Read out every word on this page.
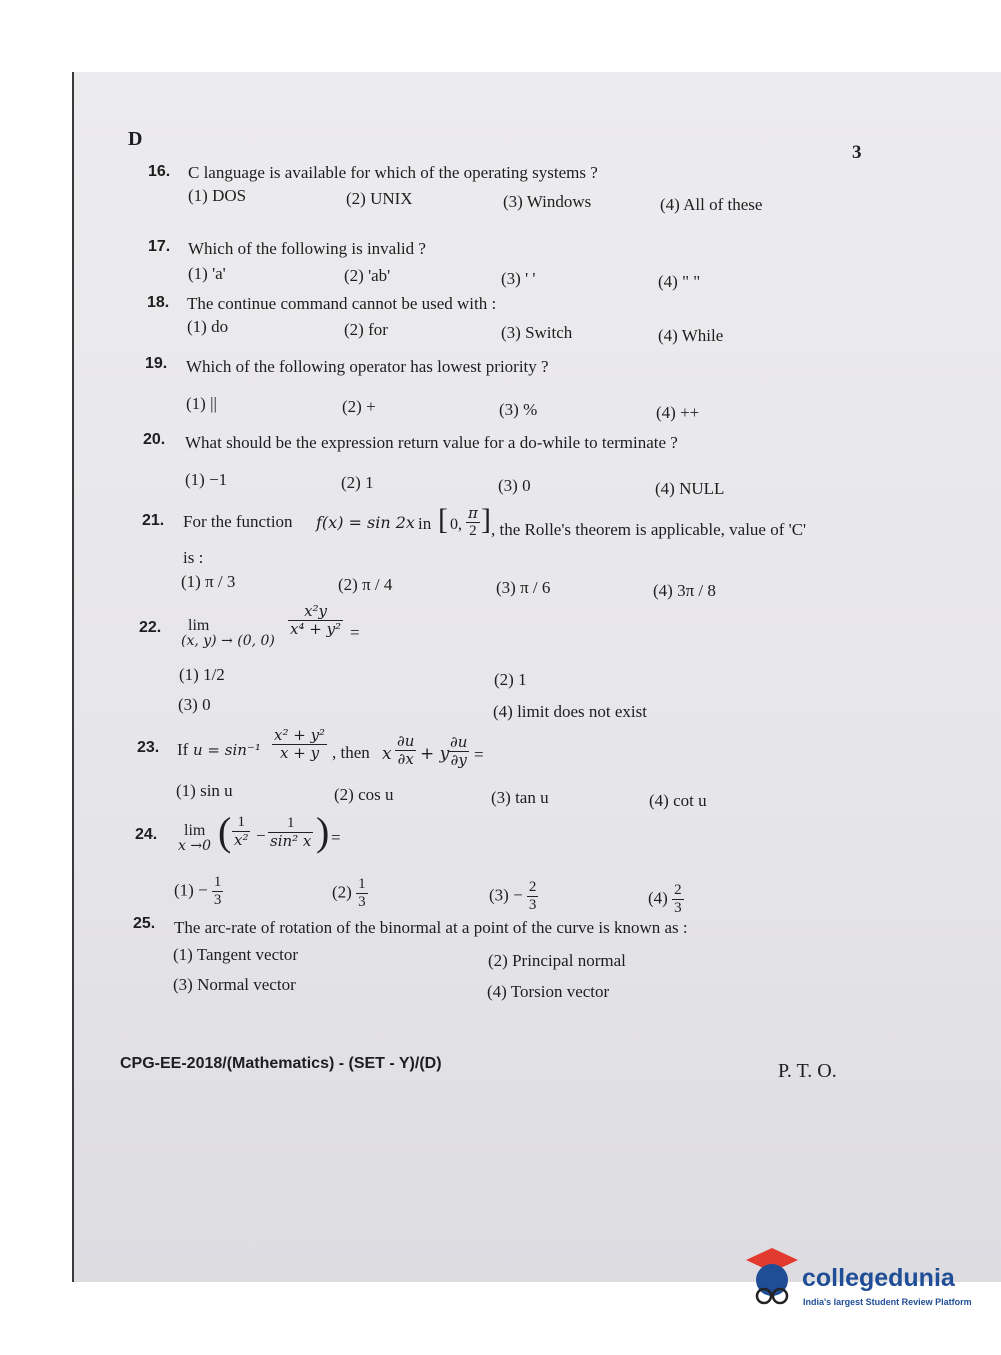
D
3
16. C language is available for which of the operating systems ?
(1) DOS	(2) UNIX	(3) Windows	(4) All of these
17. Which of the following is invalid ?
(1) 'a'	(2) 'ab'	(3) ' '	(4) " "
18. The continue command cannot be used with :
(1) do	(2) for	(3) Switch	(4) While
19. Which of the following operator has lowest priority ?
(1) ||	(2) +	(3) %	(4) ++
20. What should be the expression return value for a do-while to terminate ?
(1) −1	(2) 1	(3) 0	(4) NULL
21. For the function f(x) = sin 2x in [ 0, $\frac{\pi}{2}$ ] , the Rolle's theorem is applicable, value of 'C'
is :
(1) π / 3	(2) π / 4	(3) π / 6	(4) 3π / 8
22. lim
(x, y) → (0, 0)
$\frac{\text{x²y}}{\text{x⁴ + y²}}$ =
(1) 1/2	(2) 1
(3) 0	(4) limit does not exist
23. If $u = \sin^{-1} \frac{\text{x² + y²}}{x + y}$ , then x $\frac{\partial u}{\partial x} + y$
$\frac{\partial u}{\partial y}$ =
(1) sin u	(2) cos u	(3) tan u	(4) cot u
24. lim
x →0 ( $\frac{1}{\text{x²}} - \frac{1}{\text{sin² x}}$ ) =
$(1) - \frac{1}{3}$	$(2) \frac{1}{3}$	$(3) - \frac{2}{3}$	$(4) \frac{2}{3}$
25. The arc-rate of rotation of the binormal at a point of the curve is known as :
(1) Tangent vector	(2) Principal normal
(3) Normal vector	(4) Torsion vector
CPG-EE-2018/(Mathematics) - (SET - Y)/(D)	P. T. O.
collegedunia
India's largest Student Review Platform
